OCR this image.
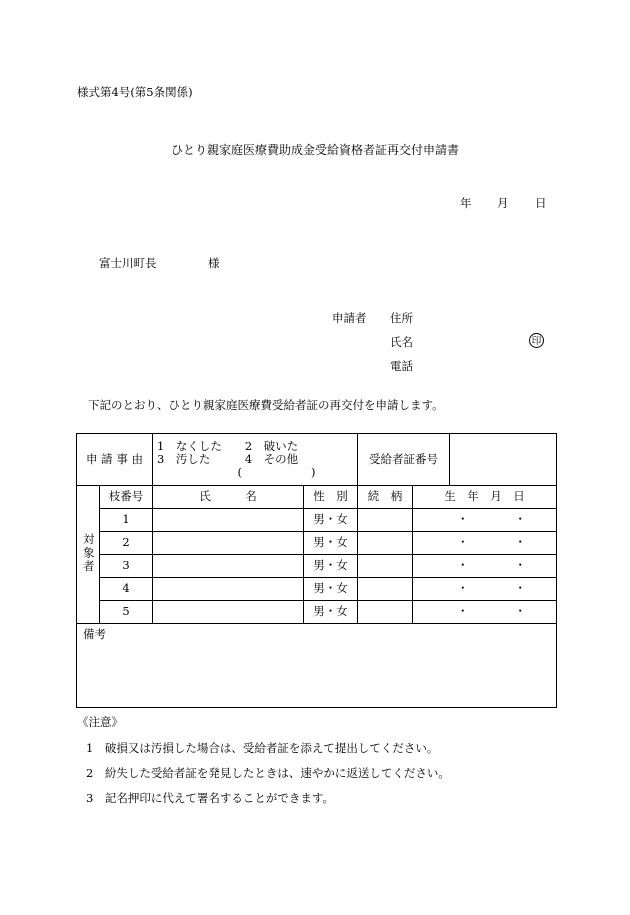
様式第4号(第5条関係)
ひとり親家庭医療費助成金受給資格者証再交付申請書
年 月 日
富士川町長	様
申請者 住所
氏名	印
電話
下記のとおり、ひとり親家庭医療費受給者証の再交付を申請します。
申 請 事 由		1　なくした　　2　破いた
3　汚した　　　4　その他
　　　　　　　(　　　　　　)		受給者証番号		
対象者	枝番号	氏　　　名	性　別	続　柄	生　年　月　日	
	1		男・女		・　　　　・	
	2		男・女		・　　　　・	
	3		男・女		・　　　　・	
	4		男・女		・　　　　・	
	5		男・女		・　　　　・	
備考						
《注意》
1　破損又は汚損した場合は、受給者証を添えて提出してください。
2　紛失した受給者証を発見したときは、速やかに返送してください。
3　記名押印に代えて署名することができます。
